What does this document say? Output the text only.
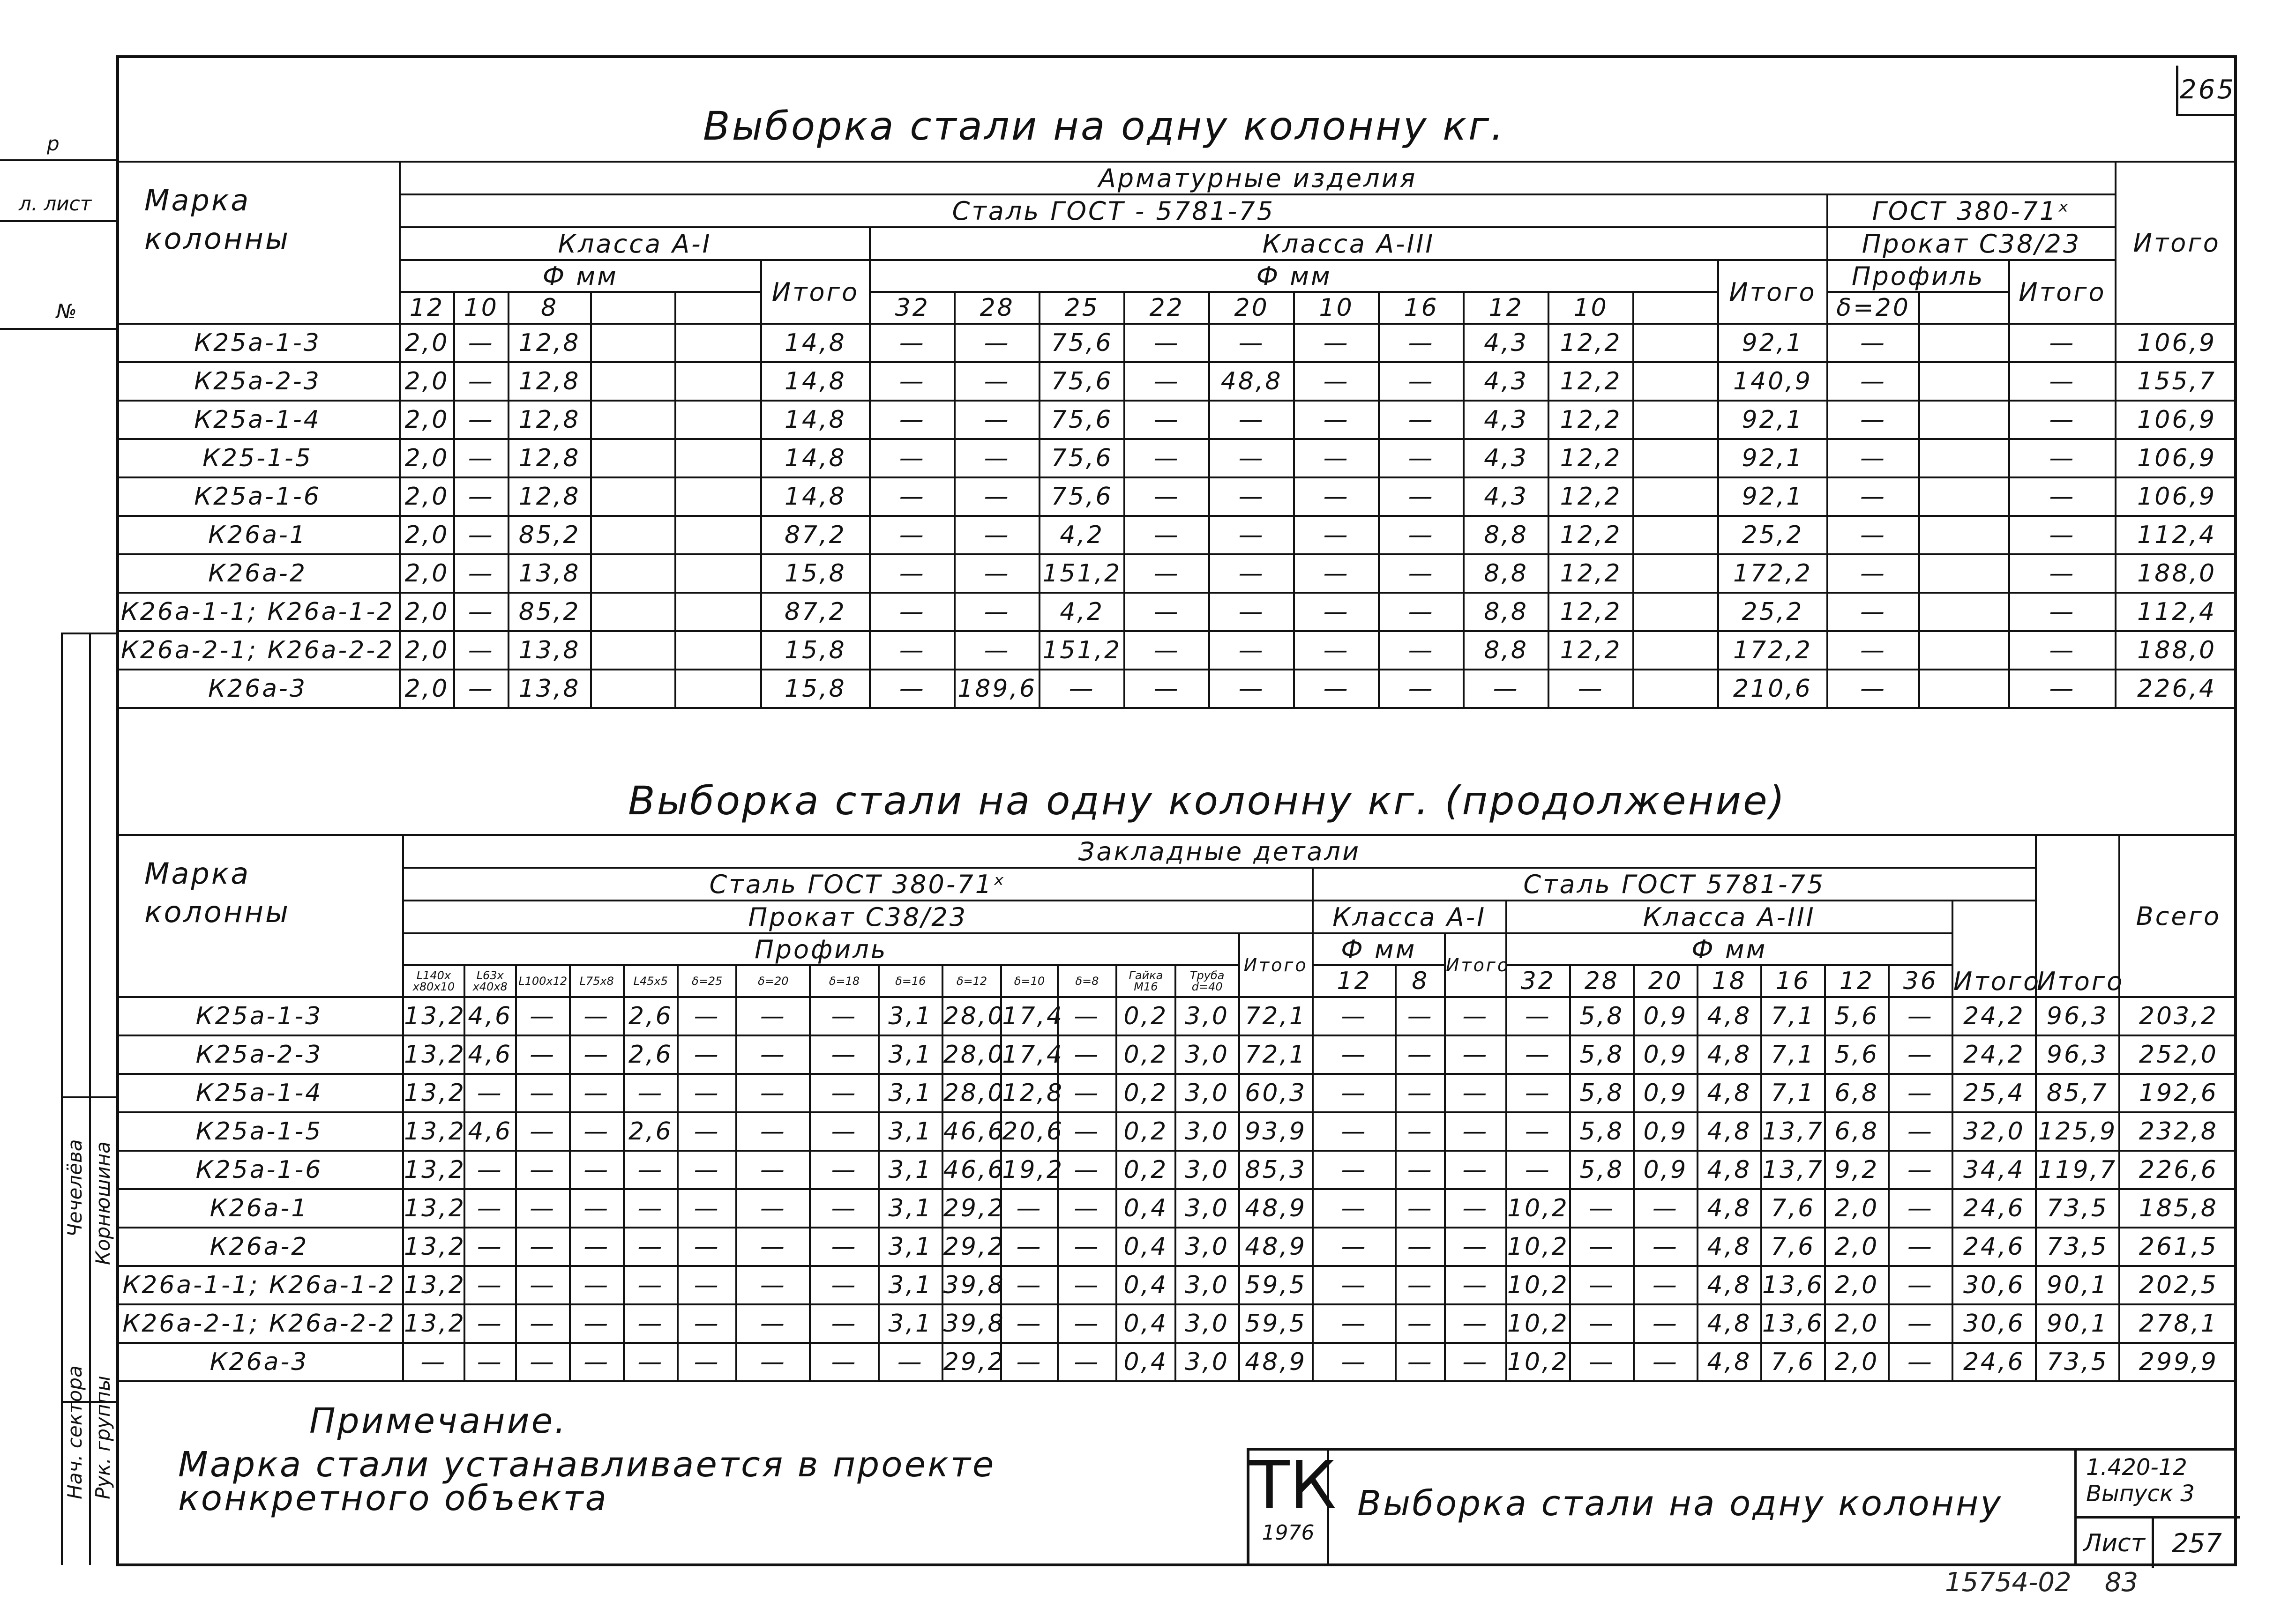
р
л. лист
№
Нач. сектора Рук. группы
Чечелёва Корнюшина
265
Выборка стали на одну колонну кг.
Марка колонны	Арматурные изделия																				Итого
	Сталь ГОСТ - 5781-75																	ГОСТ 380-71ˣ			
	Класса А-I						Класса А-III											Прокат С38/23			
	Ф мм					Итого	Ф мм										Итого	Профиль		Итого	
	12	10	8				32	28	25	22	20	10	16	12	10			δ=20			
К25а-1-3	2,0	—	12,8			14,8	—	—	75,6	—	—	—	—	4,3	12,2		92,1	—		—	106,9
К25а-2-3	2,0	—	12,8			14,8	—	—	75,6	—	48,8	—	—	4,3	12,2		140,9	—		—	155,7
К25а-1-4	2,0	—	12,8			14,8	—	—	75,6	—	—	—	—	4,3	12,2		92,1	—		—	106,9
К25-1-5	2,0	—	12,8			14,8	—	—	75,6	—	—	—	—	4,3	12,2		92,1	—		—	106,9
К25а-1-6	2,0	—	12,8			14,8	—	—	75,6	—	—	—	—	4,3	12,2		92,1	—		—	106,9
К26а-1	2,0	—	85,2			87,2	—	—	4,2	—	—	—	—	8,8	12,2		25,2	—		—	112,4
К26а-2	2,0	—	13,8			15,8	—	—	151,2	—	—	—	—	8,8	12,2		172,2	—		—	188,0
К26а-1-1; К26а-1-2	2,0	—	85,2			87,2	—	—	4,2	—	—	—	—	8,8	12,2		25,2	—		—	112,4
К26а-2-1; К26а-2-2	2,0	—	13,8			15,8	—	—	151,2	—	—	—	—	8,8	12,2		172,2	—		—	188,0
К26а-3	2,0	—	13,8			15,8	—	189,6	—	—	—	—	—	—	—		210,6	—		—	226,4
Выборка стали на одну колонну кг. (продолжение)
Марка колонны	Закладные детали																											Всего
	Сталь ГОСТ 380-71ˣ															Сталь ГОСТ 5781-75												
	Прокат С38/23															Класса А-I			Класса А-III							Итого	Итого	
	Профиль														Итого	Ф мм		Итого	Ф мм									
	L140x x80x10	L63x x40x8	L100x12	L75x8	L45x5	δ=25	δ=20	δ=18	δ=16	δ=12	δ=10	δ=8	Гайка М16	Труба d=40		12	8		32	28	20	18	16	12	36			
К25а-1-3	13,2	4,6	—	—	2,6	—	—	—	3,1	28,0	17,4	—	0,2	3,0	72,1	—	—	—	—	5,8	0,9	4,8	7,1	5,6	—	24,2	96,3	203,2
К25а-2-3	13,2	4,6	—	—	2,6	—	—	—	3,1	28,0	17,4	—	0,2	3,0	72,1	—	—	—	—	5,8	0,9	4,8	7,1	5,6	—	24,2	96,3	252,0
К25а-1-4	13,2	—	—	—	—	—	—	—	3,1	28,0	12,8	—	0,2	3,0	60,3	—	—	—	—	5,8	0,9	4,8	7,1	6,8	—	25,4	85,7	192,6
К25а-1-5	13,2	4,6	—	—	2,6	—	—	—	3,1	46,6	20,6	—	0,2	3,0	93,9	—	—	—	—	5,8	0,9	4,8	13,7	6,8	—	32,0	125,9	232,8
К25а-1-6	13,2	—	—	—	—	—	—	—	3,1	46,6	19,2	—	0,2	3,0	85,3	—	—	—	—	5,8	0,9	4,8	13,7	9,2	—	34,4	119,7	226,6
К26а-1	13,2	—	—	—	—	—	—	—	3,1	29,2	—	—	0,4	3,0	48,9	—	—	—	10,2	—	—	4,8	7,6	2,0	—	24,6	73,5	185,8
К26а-2	13,2	—	—	—	—	—	—	—	3,1	29,2	—	—	0,4	3,0	48,9	—	—	—	10,2	—	—	4,8	7,6	2,0	—	24,6	73,5	261,5
К26а-1-1; К26а-1-2	13,2	—	—	—	—	—	—	—	3,1	39,8	—	—	0,4	3,0	59,5	—	—	—	10,2	—	—	4,8	13,6	2,0	—	30,6	90,1	202,5
К26а-2-1; К26а-2-2	13,2	—	—	—	—	—	—	—	3,1	39,8	—	—	0,4	3,0	59,5	—	—	—	10,2	—	—	4,8	13,6	2,0	—	30,6	90,1	278,1
К26а-3	—	—	—	—	—	—	—	—	—	29,2	—	—	0,4	3,0	48,9	—	—	—	10,2	—	—	4,8	7,6	2,0	—	24,6	73,5	299,9
Примечание.
Марка стали устанавливается в проекте конкретного объекта	ТК
1976
Выборка стали на одну колонну
1.420-12
Выпуск 3
Лист	257
15754-02    83
